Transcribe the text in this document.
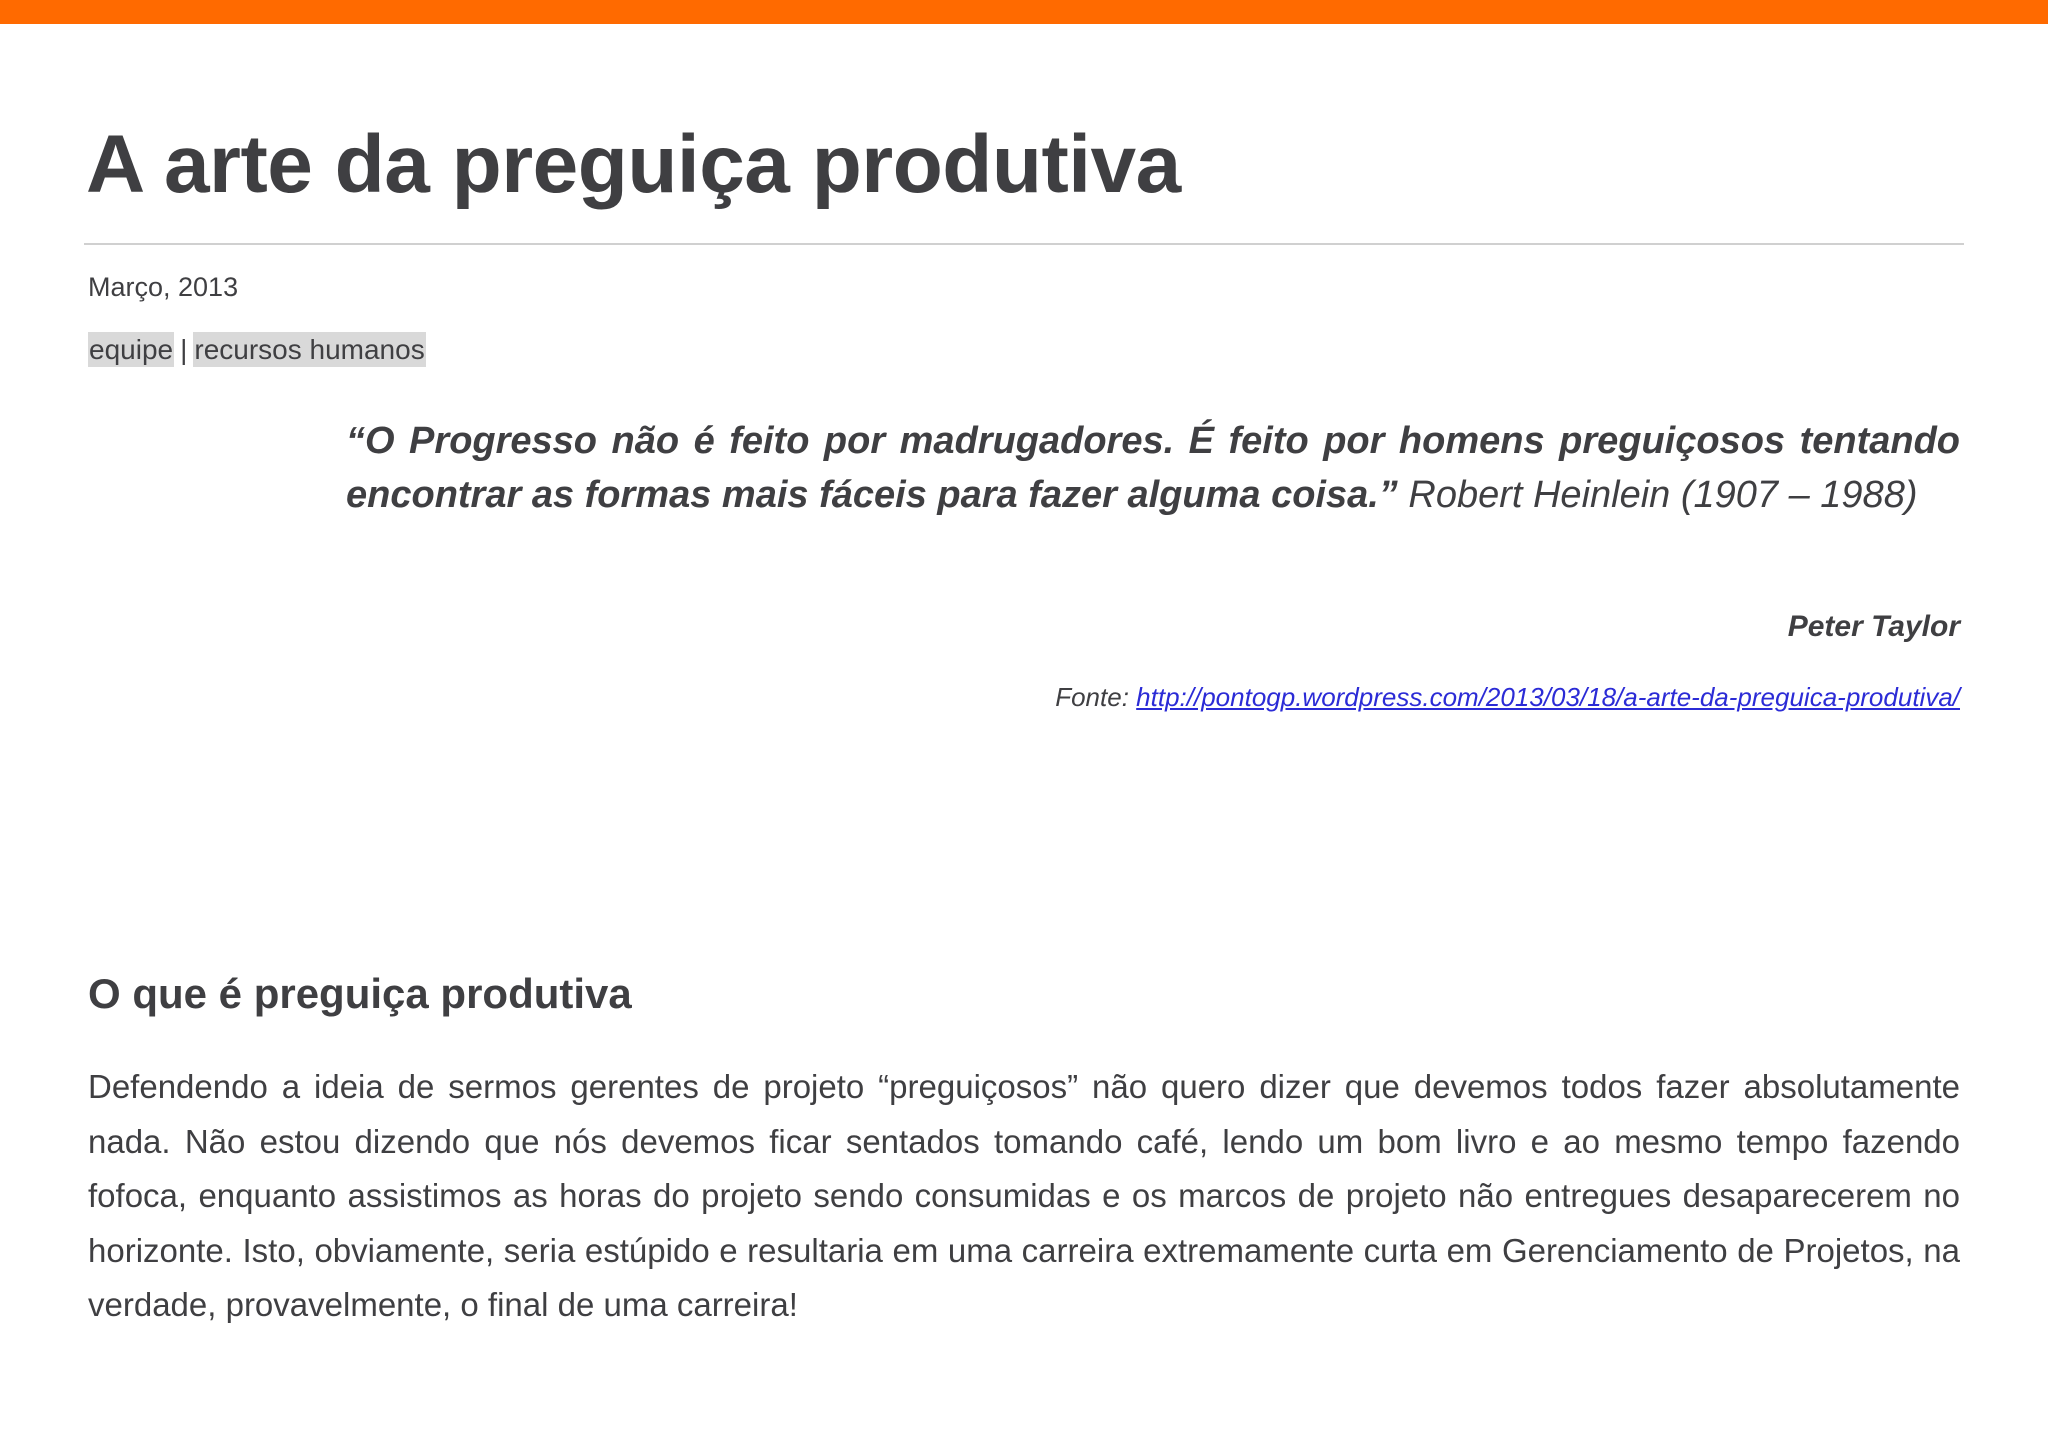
A arte da preguiça produtiva
Março, 2013
equipe | recursos humanos

“O Progresso não é feito por madrugadores. É feito por homens preguiçosos tentando encontrar as formas mais fáceis para fazer alguma coisa.” Robert Heinlein (1907 – 1988)

Peter Taylor
Fonte: http://pontogp.wordpress.com/2013/03/18/a-arte-da-preguica-produtiva/
O que é preguiça produtiva

Defendendo a ideia de sermos gerentes de projeto “preguiçosos” não quero dizer que devemos todos fazer absolutamente nada. Não estou dizendo que nós devemos ficar sentados tomando café, lendo um bom livro e ao mesmo tempo fazendo fofoca, enquanto assistimos as horas do projeto sendo consumidas e os marcos de projeto não entregues desaparecerem no horizonte. Isto, obviamente, seria estúpido e resultaria em uma carreira extremamente curta em Gerenciamento de Projetos, na verdade, provavelmente, o final de uma carreira!
